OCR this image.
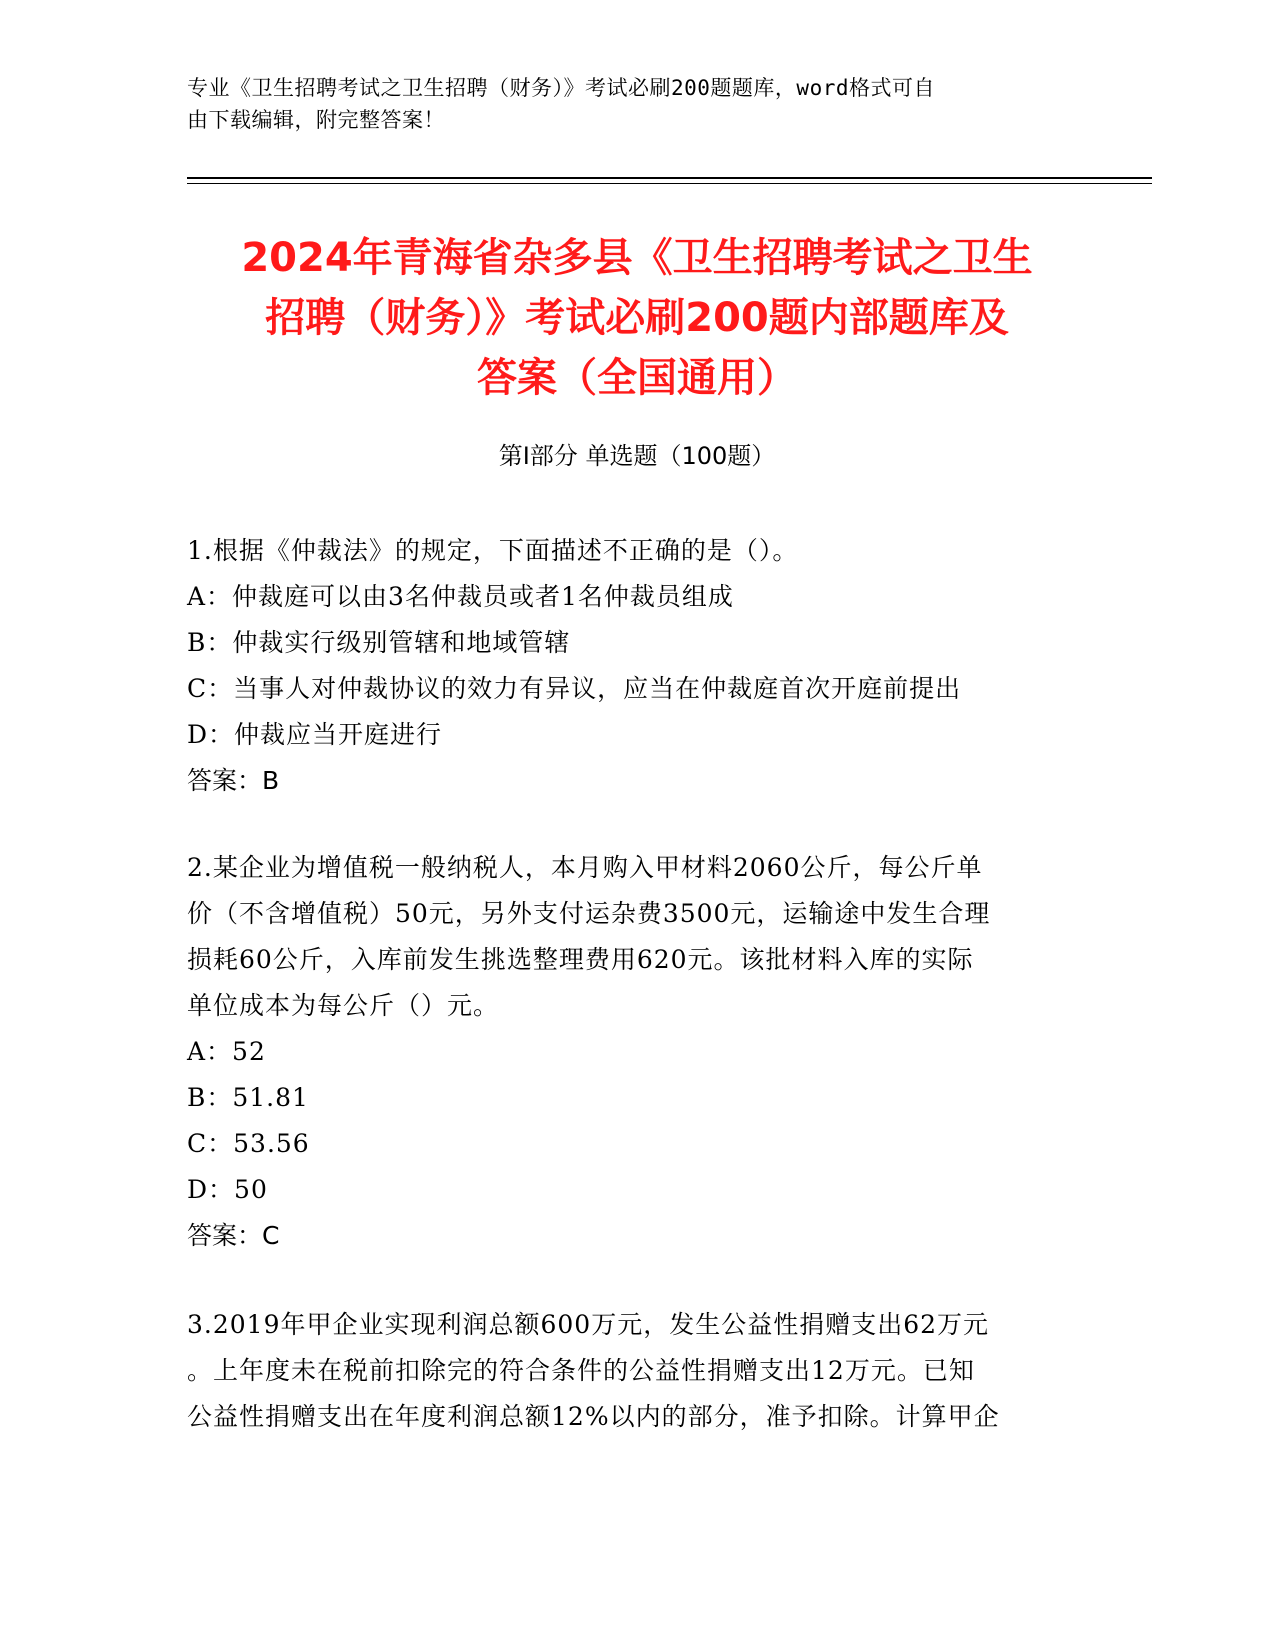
专业《卫生招聘考试之卫生招聘（财务）》考试必刷200题题库，word格式可自
由下载编辑，附完整答案！
2024年青海省杂多县《卫生招聘考试之卫生
招聘（财务）》考试必刷200题内部题库及
答案（全国通用）
第Ⅰ部分 单选题（100题）
1.根据《仲裁法》的规定，下面描述不正确的是（）。
A：仲裁庭可以由3名仲裁员或者1名仲裁员组成
B：仲裁实行级别管辖和地域管辖
C：当事人对仲裁协议的效力有异议，应当在仲裁庭首次开庭前提出
D：仲裁应当开庭进行
答案：B
2.某企业为增值税一般纳税人，本月购入甲材料2060公斤，每公斤单
价（不含增值税）50元，另外支付运杂费3500元，运输途中发生合理
损耗60公斤，入库前发生挑选整理费用620元。该批材料入库的实际
单位成本为每公斤（）元。
A：52
B：51.81
C：53.56
D：50
答案：C
3.2019年甲企业实现利润总额600万元，发生公益性捐赠支出62万元
。上年度未在税前扣除完的符合条件的公益性捐赠支出12万元。已知
公益性捐赠支出在年度利润总额12%以内的部分，准予扣除。计算甲企
